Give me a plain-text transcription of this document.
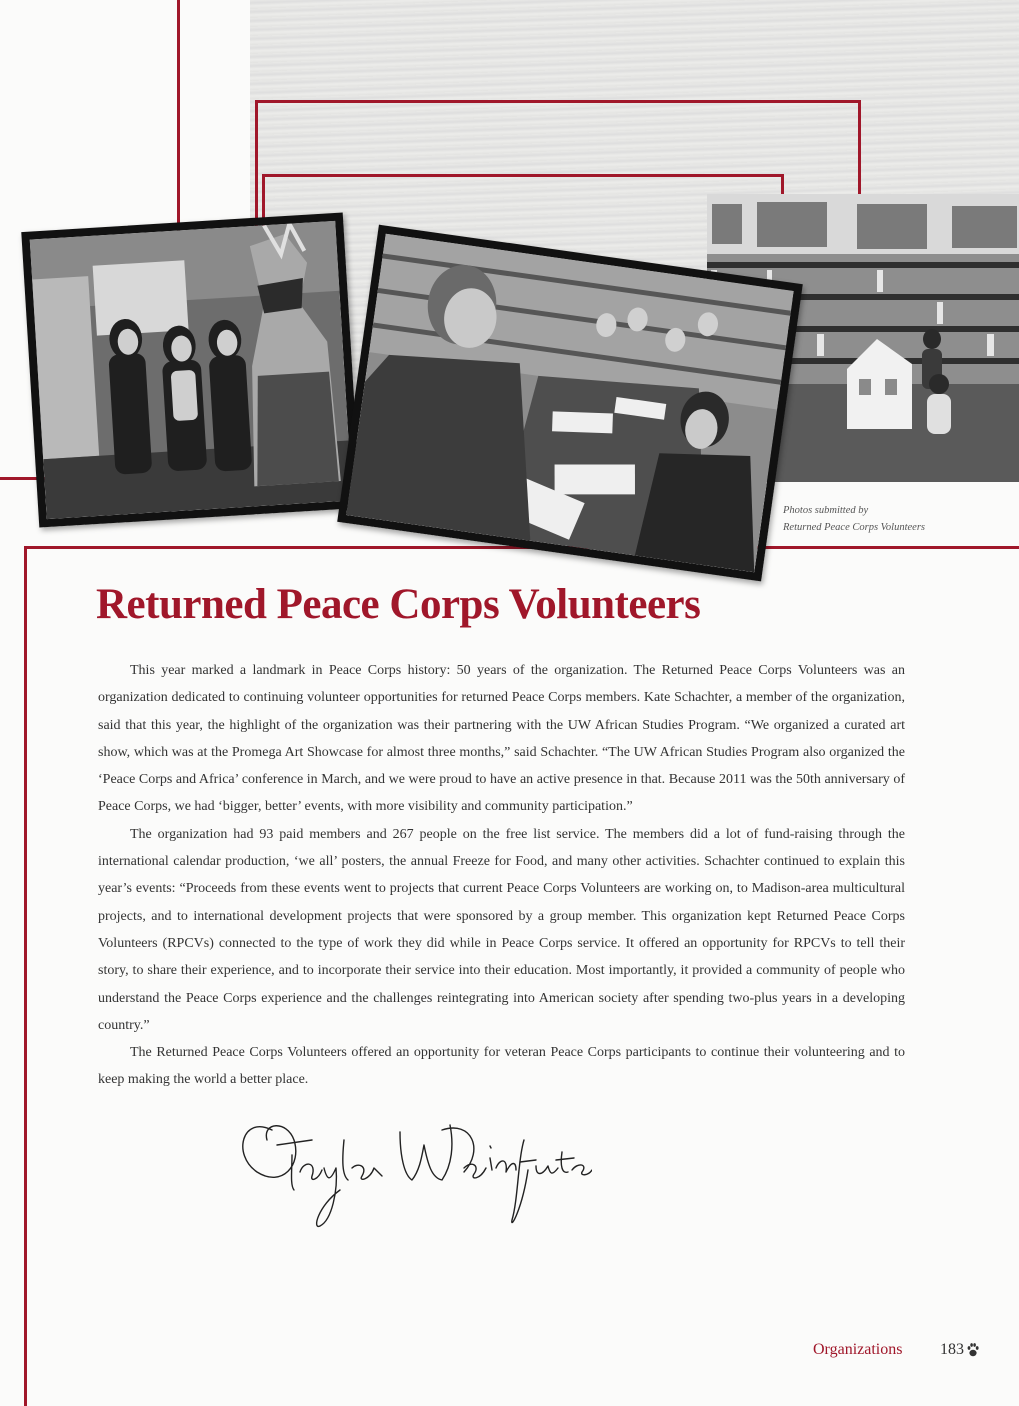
Photos submitted by
Returned Peace Corps Volunteers
Returned Peace Corps Volunteers

This year marked a landmark in Peace Corps history: 50 years of the organization. The Returned Peace Corps Volunteers was an organization dedicated to continuing volunteer opportunities for returned Peace Corps members. Kate Schachter, a member of the organization, said that this year, the highlight of the organization was their partnering with the UW African Studies Program. “We organized a curated art show, which was at the Promega Art Showcase for almost three months,” said Schachter. “The UW African Studies Program also organized the ‘Peace Corps and Africa’ conference in March, and we were proud to have an active presence in that. Because 2011 was the 50th anniversary of Peace Corps, we had ‘bigger, better’ events, with more visibility and community participation.”

The organization had 93 paid members and 267 people on the free list service. The members did a lot of fund-raising through the international calendar production, ‘we all’ posters, the annual Freeze for Food, and many other activities. Schachter continued to explain this year’s events: “Proceeds from these events went to projects that current Peace Corps Volunteers are working on, to Madison-area multicultural projects, and to international development projects that were sponsored by a group member. This organization kept Returned Peace Corps Volunteers (RPCVs) connected to the type of work they did while in Peace Corps service. It offered an opportunity for RPCVs to tell their story, to share their experience, and to incorporate their service into their education. Most importantly, it provided a community of people who understand the Peace Corps experience and the challenges reintegrating into American society after spending two-plus years in a developing country.”

The Returned Peace Corps Volunteers offered an opportunity for veteran Peace Corps participants to continue their volunteering and to keep making the world a better place.

Organizations 183
